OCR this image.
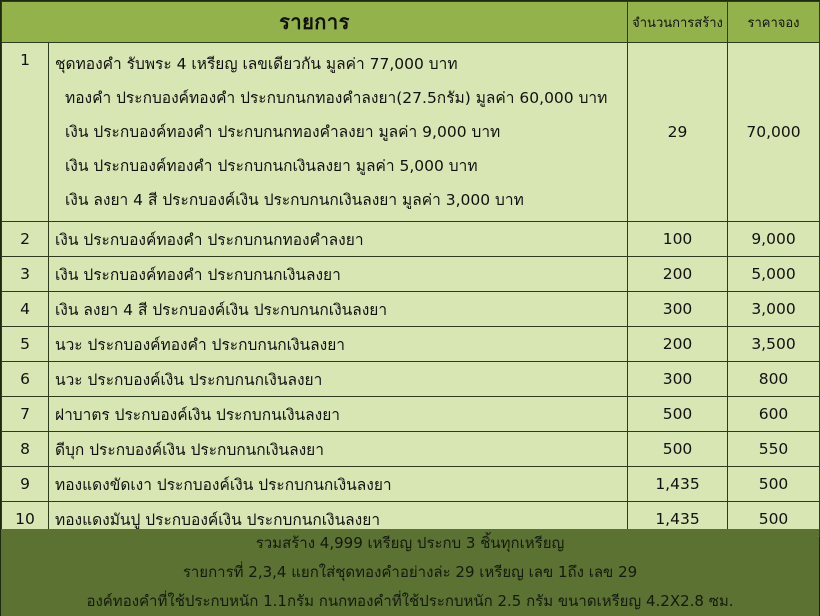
รายการ		จำนวนการสร้าง	ราคาจอง
1	ชุดทองคำ รับพระ 4 เหรียญ เลขเดียวกัน มูลค่า 77,000 บาท
ทองคำ ประกบองค์ทองคำ ประกบกนกทองคำลงยา(27.5กรัม) มูลค่า 60,000 บาท
เงิน ประกบองค์ทองคำ ประกบกนกทองคำลงยา มูลค่า 9,000 บาท
เงิน ประกบองค์ทองคำ ประกบกนกเงินลงยา มูลค่า 5,000 บาท
เงิน ลงยา 4 สี ประกบองค์เงิน ประกบกนกเงินลงยา มูลค่า 3,000 บาท	29	70,000
2	เงิน ประกบองค์ทองคำ ประกบกนกทองคำลงยา	100	9,000
3	เงิน ประกบองค์ทองคำ ประกบกนกเงินลงยา	200	5,000
4	เงิน ลงยา 4 สี ประกบองค์เงิน ประกบกนกเงินลงยา	300	3,000
5	นวะ ประกบองค์ทองคำ ประกบกนกเงินลงยา	200	3,500
6	นวะ ประกบองค์เงิน ประกบกนกเงินลงยา	300	800
7	ฝาบาตร ประกบองค์เงิน ประกบกนเงินลงยา	500	600
8	ดีบุก ประกบองค์เงิน ประกบกนกเงินลงยา	500	550
9	ทองแดงขัดเงา ประกบองค์เงิน ประกบกนกเงินลงยา	1,435	500
10	ทองแดงมันปู ประกบองค์เงิน ประกบกนกเงินลงยา	1,435	500
รวมสร้าง 4,999 เหรียญ ประกบ 3 ชิ้นทุกเหรียญ
รายการที่ 2,3,4 แยกใส่ชุดทองคำอย่างล่ะ 29 เหรียญ เลข 1ถึง เลข 29
องค์ทองคำที่ใช้ประกบหนัก 1.1กรัม กนกทองคำที่ใช้ประกบหนัก 2.5 กรัม ขนาดเหรียญ 4.2X2.8 ซม.
